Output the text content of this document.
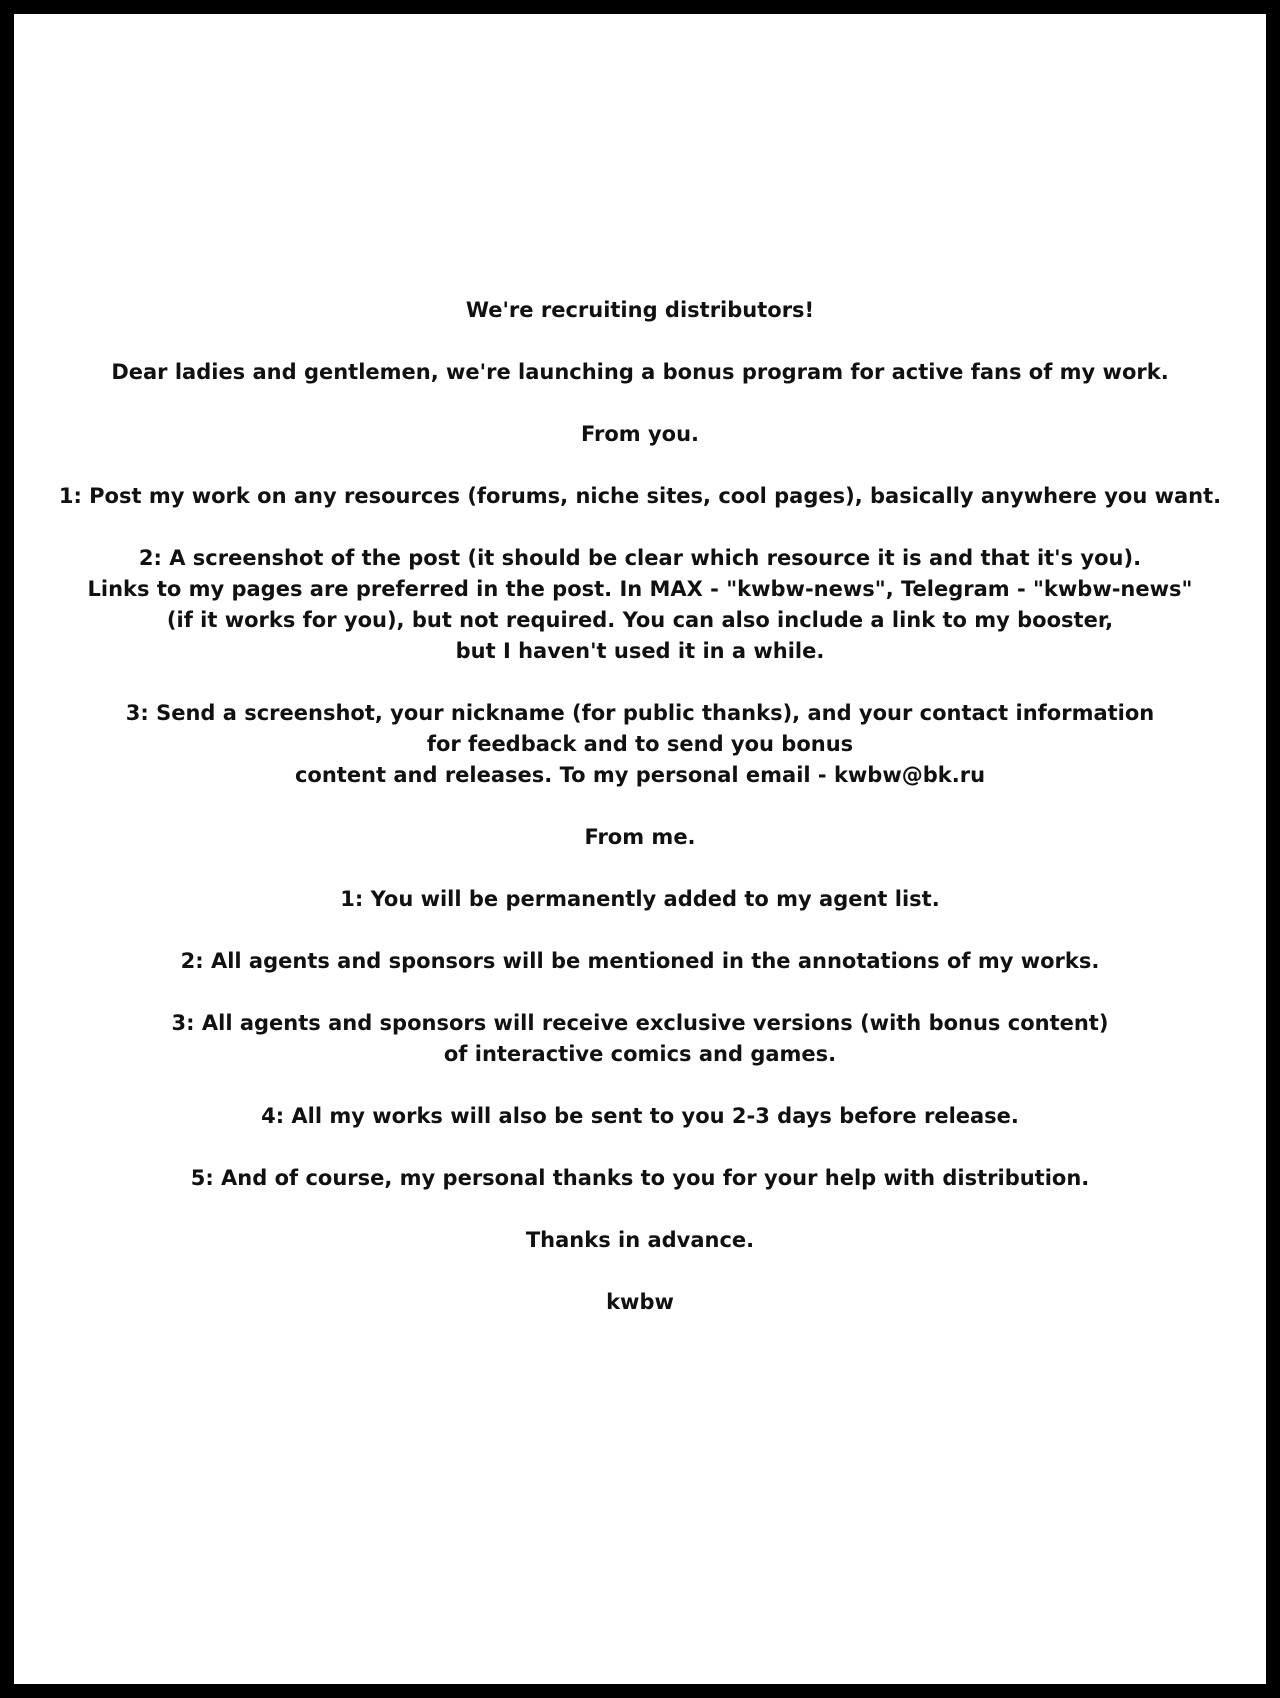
We're recruiting distributors!
Dear ladies and gentlemen, we're launching a bonus program for active fans of my work.
From you.
1: Post my work on any resources (forums, niche sites, cool pages), basically anywhere you want.
2: A screenshot of the post (it should be clear which resource it is and that it's you).
Links to my pages are preferred in the post. In MAX - "kwbw-news", Telegram - "kwbw-news"
(if it works for you), but not required. You can also include a link to my booster,
but I haven't used it in a while.
3: Send a screenshot, your nickname (for public thanks), and your contact information
for feedback and to send you bonus
content and releases. To my personal email - kwbw@bk.ru
From me.
1: You will be permanently added to my agent list.
2: All agents and sponsors will be mentioned in the annotations of my works.
3: All agents and sponsors will receive exclusive versions (with bonus content)
of interactive comics and games.
4: All my works will also be sent to you 2-3 days before release.
5: And of course, my personal thanks to you for your help with distribution.
Thanks in advance.
kwbw
